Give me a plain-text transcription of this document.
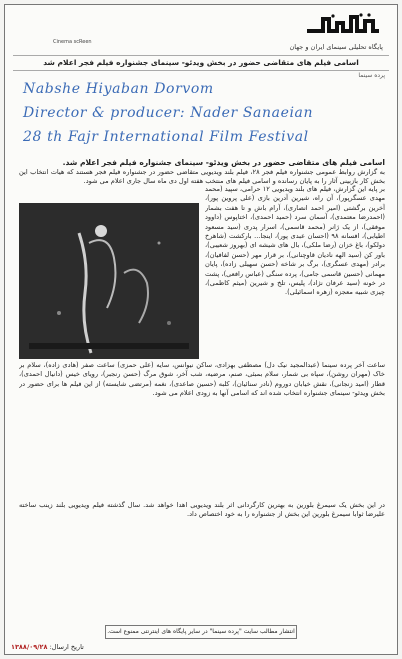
Cinema scReen
پایگاه تحلیلی سینمای ایران و جهان
اسامی فیلم های متقاضی حضور در بخش ویدئو- سینمای جشنواره فیلم فجر اعلام شد
پرده سینما
Nabshe Hiyaban Dorvom
Director & producer: Nader Sanaeian
28 th Fajr International Film Festival
اسامی فیلم های متقاضی حضور در بخش ویدئو- سینمای جشنواره فیلم فجر اعلام شد.
به گزارش روابط عمومی جشنواره فیلم فجر ۲۸، فیلم بلند ویدیویی متقاضی حضور در جشنواره فیلم فجر هستند که هیات انتخاب این بخش کار بازبینی آثار را به پایان رسانده و اسامی فیلم های منتخب هفته اول دی ماه سال جاری اعلام می شود.
بر پایه این گزارش، فیلم های بلند ویدیویی ۱۲ حرامی، سپید (محمد مهدی عسگرپور)، آن راه، شیرین آدرین بازی (علی پروین پور)، آخرین برگشتی (امیر احمد انصاری)، آرام باش و تا هفت بشمار (احمدرضا معتمدی)، آسمان سرد (حمید احمدی)، اختاپوس (داوود موفقی)، از یک ژانر (محمد قاسمی)، اسرار پدری (سید مسعود اطیابی)، افسانه ۹۸ (احسان عبدی پور)، اینجا... بارکشت (شاهرخ دولکو)، باغ خزان (رضا ملکی)، بال های شیشه ای (بهروز شعیبی)، باور کن (سید الهه نادیان قاوچنانی)، بر قرار مهر (حسن لفافیان)، برادر (مهدی عسگری)، برگ بر شاخه (حسن سهیلی زاده)، پایان مهمانی (حسین قاسمی جامی)، پرده سنگی (عباس رافعی)، پشت در خونه (سید عرفان نژاد)، پلیس، تلخ و شیرین (میثم کاظمی)، چیزی شبیه معجزه (زهره اسمائیلی).
ساعت آخر پرده سینما (عبدالمجید نیک دل) مصطفی بهزادی، ساکن نیوانس، سایه (علی حمزی) ساعت صفر (هادی زاده)، سلام بر خاک (مهران روشن)، سپاه بی شمار، سلام بمبئی، صنم، مرضیه، شب آخر، شوق مرگ (حسن رنجبر)، رویای خیس (دانیال احمدی)، قطار (امید زنجانی)، نقش خیابان دوروم (نادر سنائیان)، کلبه (حسین صاعدی)، نغمه (مرتضی شایسته) از این فیلم ها برای حضور در بخش ویدئو- سینمای جشنواره انتخاب شده اند که اسامی آنها به زودی اعلام می شود.
در این بخش یک سیمرغ بلورین به بهترین کارگردانی اثر بلند ویدیویی اهدا خواهد شد. سال گذشته فیلم ویدیویی بلند زینب ساخته علیرضا ثوابا سیمرغ بلورین این بخش از جشنواره را به خود اختصاص داد.
انتشار مطالب سایت "پرده سینما" در سایر پایگاه های اینترنتی ممنوع است.
تاریخ ارسال: ۱۳۸۸/۰۹/۲۸
